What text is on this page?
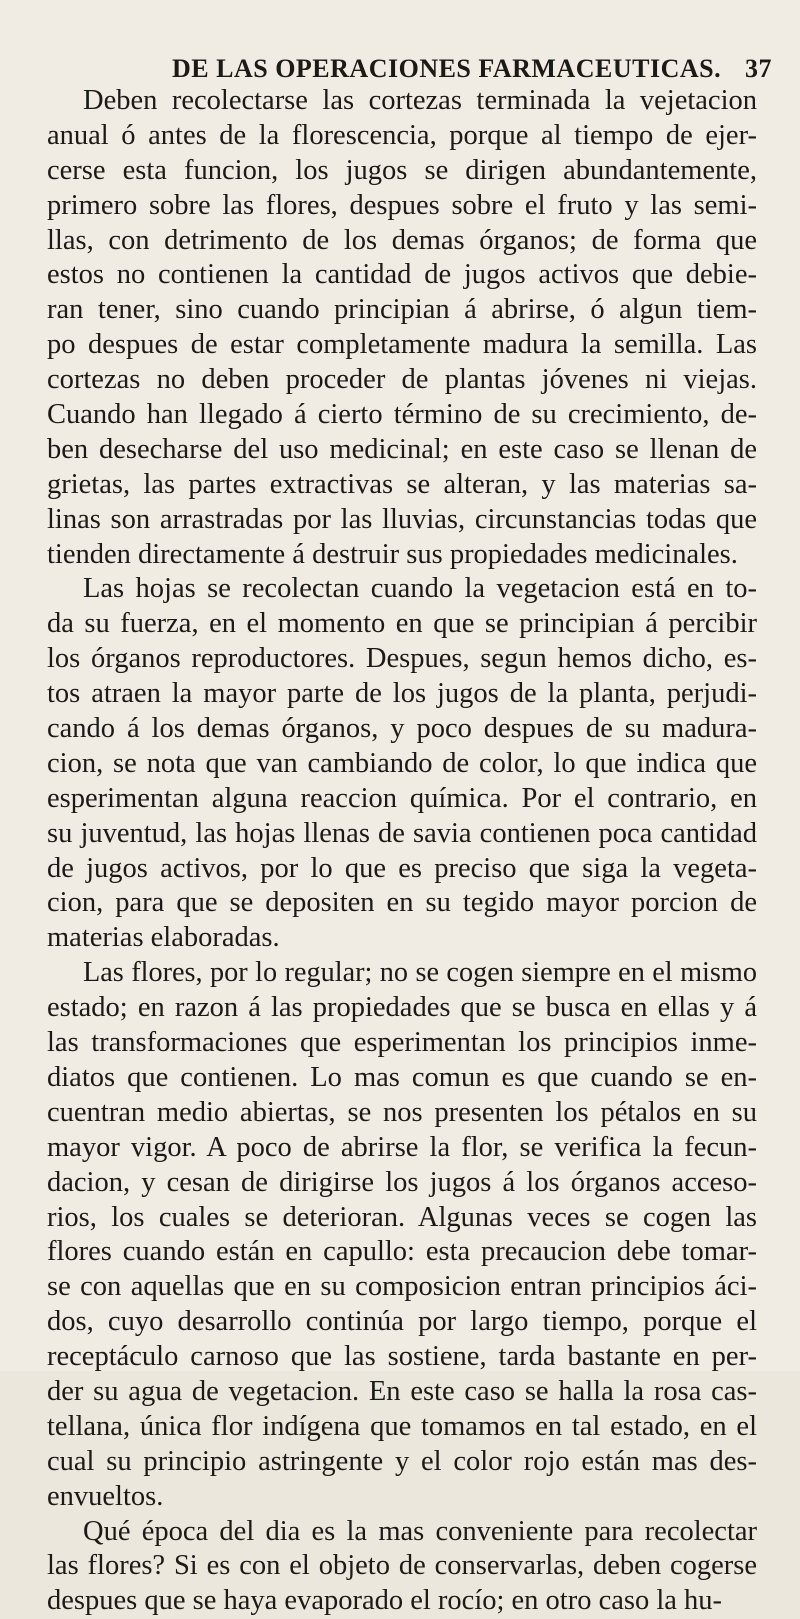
DE LAS OPERACIONES FARMACEUTICAS. 37
Deben recolectarse las cortezas terminada la vejetacion
anual ó antes de la florescencia, porque al tiempo de ejer-
cerse esta funcion, los jugos se dirigen abundantemente,
primero sobre las flores, despues sobre el fruto y las semi-
llas, con detrimento de los demas órganos; de forma que
estos no contienen la cantidad de jugos activos que debie-
ran tener, sino cuando principian á abrirse, ó algun tiem-
po despues de estar completamente madura la semilla. Las
cortezas no deben proceder de plantas jóvenes ni viejas.
Cuando han llegado á cierto término de su crecimiento, de-
ben desecharse del uso medicinal; en este caso se llenan de
grietas, las partes extractivas se alteran, y las materias sa-
linas son arrastradas por las lluvias, circunstancias todas que
tienden directamente á destruir sus propiedades medicinales.
Las hojas se recolectan cuando la vegetacion está en to-
da su fuerza, en el momento en que se principian á percibir
los órganos reproductores. Despues, segun hemos dicho, es-
tos atraen la mayor parte de los jugos de la planta, perjudi-
cando á los demas órganos, y poco despues de su madura-
cion, se nota que van cambiando de color, lo que indica que
esperimentan alguna reaccion química. Por el contrario, en
su juventud, las hojas llenas de savia contienen poca cantidad
de jugos activos, por lo que es preciso que siga la vegeta-
cion, para que se depositen en su tegido mayor porcion de
materias elaboradas.
Las flores, por lo regular; no se cogen siempre en el mismo
estado; en razon á las propiedades que se busca en ellas y á
las transformaciones que esperimentan los principios inme-
diatos que contienen. Lo mas comun es que cuando se en-
cuentran medio abiertas, se nos presenten los pétalos en su
mayor vigor. A poco de abrirse la flor, se verifica la fecun-
dacion, y cesan de dirigirse los jugos á los órganos acceso-
rios, los cuales se deterioran. Algunas veces se cogen las
flores cuando están en capullo: esta precaucion debe tomar-
se con aquellas que en su composicion entran principios áci-
dos, cuyo desarrollo continúa por largo tiempo, porque el
receptáculo carnoso que las sostiene, tarda bastante en per-
der su agua de vegetacion. En este caso se halla la rosa cas-
tellana, única flor indígena que tomamos en tal estado, en el
cual su principio astringente y el color rojo están mas des-
envueltos.
Qué época del dia es la mas conveniente para recolectar
las flores? Si es con el objeto de conservarlas, deben cogerse
despues que se haya evaporado el rocío; en otro caso la hu-
